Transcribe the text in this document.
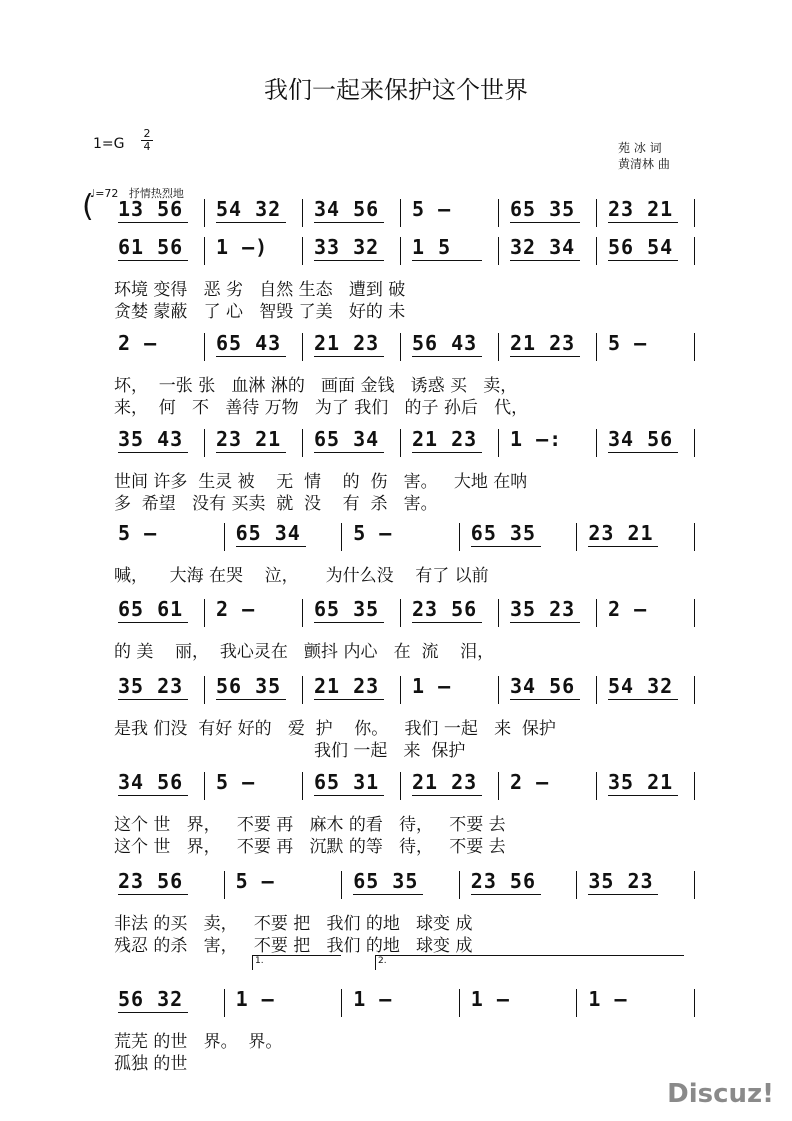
我们一起来保护这个世界
1=G
2
4	苑 冰 词
黄清林 曲
♩=72 抒情热烈地
( 13 56 54 32 34 56 5 –	65 35 23 21
61 56 1 –) 33 32 1 5	32 34 56 54
环境 变得   恶 劣   自然 生态   遭到 破
贪婪 蒙蔽   了 心   智毁 了美   好的 未
2 –	65 43 21 23 56 43 21 23 5 –
坏，  一张 张   血淋 淋的   画面 金钱   诱惑 买   卖，
来，  何   不   善待 万物   为了 我们   的子 孙后   代，
35 43 23 21 65 34 21 23 1 –: 34 56
世间 许多  生灵 被    无  情    的  伤   害。   大地 在呐
多  希望   没有 买卖  就  没    有  杀   害。
5 –	65 34	5 –	65 35	23 21
喊，    大海 在哭    泣，     为什么没    有了 以前
65 61 2 –	65 35 23 56 35 23 2 –
的 美    丽，  我心灵在   颤抖 内心   在  流    泪，
35 23 56 35 21 23 1 –	34 56 54 32
是我 们没  有好 好的   爱  护    你。   我们 一起   来  保护
我们 一起   来  保护
34 56 5 –	65 31 21 23 2 –	35 21
这个 世   界，   不要 再   麻木 的看   待，   不要 去
这个 世   界，   不要 再   沉默 的等   待，   不要 去
23 56	5 –	65 35	23 56	35 23
非法 的买   卖，   不要 把   我们 的地   球变 成
残忍 的杀   害，   不要 把   我们 的地   球变 成
56 32	1 –	1 –	1 –	1 –
荒芜 的世   界。  界。
孤独 的世
1.	2.
Discuz!
